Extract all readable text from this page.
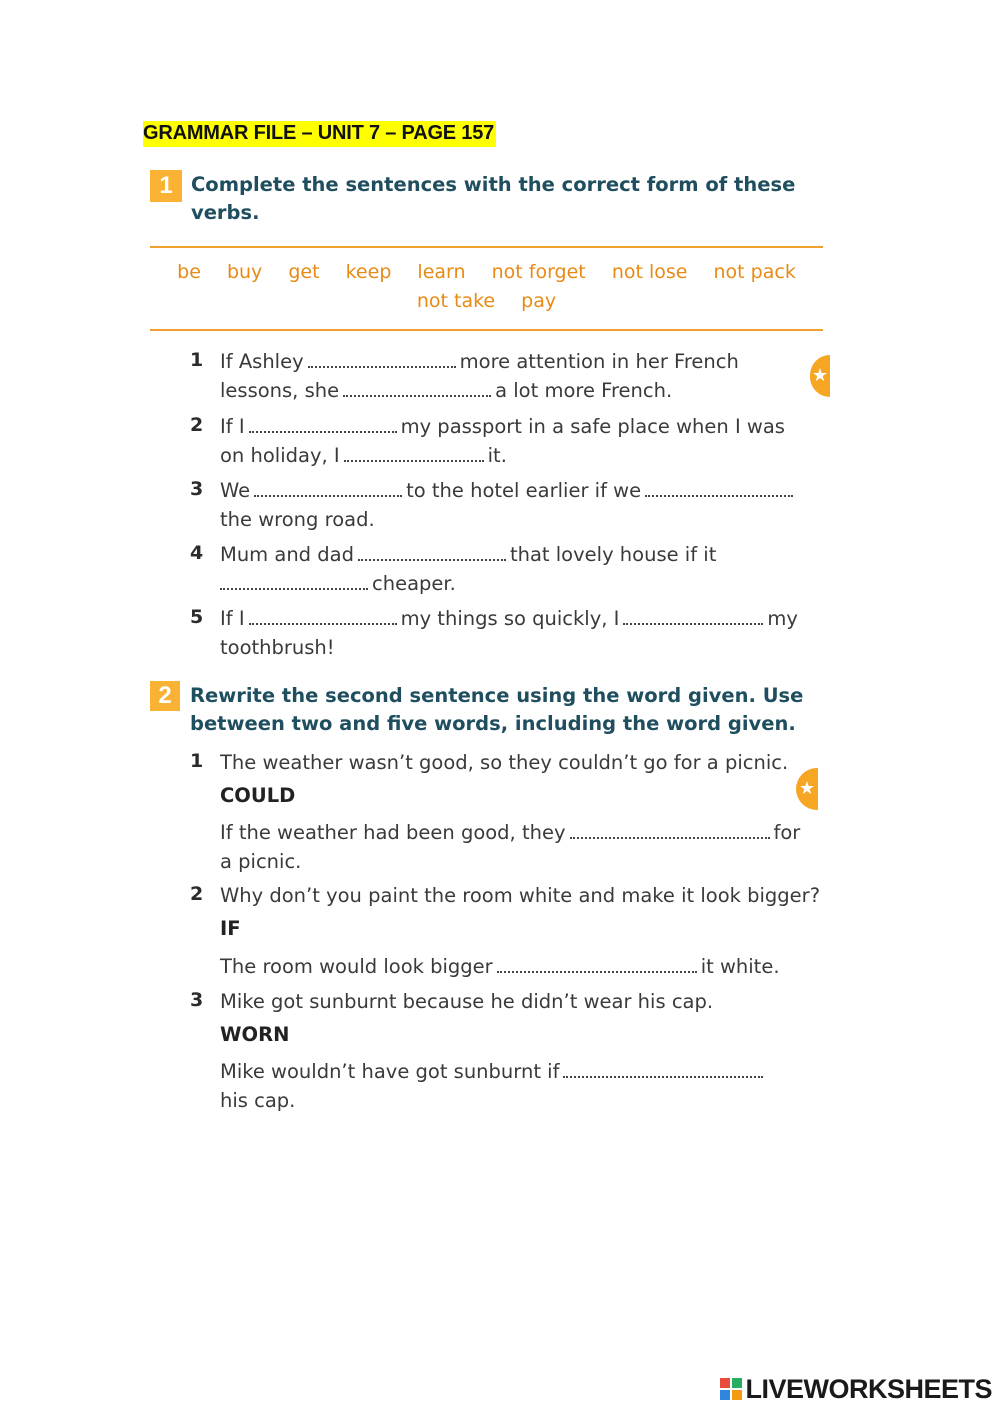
GRAMMAR FILE – UNIT 7 – PAGE 157
1 Complete the sentences with the correct form of these
verbs.
be buy get keep learn not forget not lose not pack
not take pay
1 If Ashley	more attention in her French
lessons, she	a lot more French.
2 If I	my passport in a safe place when I was
on holiday, I	it.
3 We	to the hotel earlier if we
the wrong road.
4 Mum and dad	that lovely house if it
cheaper.
5 If I	my things so quickly, I	my
toothbrush!
★
2 Rewrite the second sentence using the word given. Use
between two and five words, including the word given.
1 The weather wasn’t good, so they couldn’t go for a picnic.
COULD
If the weather had been good, they	for
a picnic.
★
2 Why don’t you paint the room white and make it look bigger?
IF
The room would look bigger	it white.
3 Mike got sunburnt because he didn’t wear his cap.
WORN
Mike wouldn’t have got sunburnt if
his cap.
LIVEWORKSHEETS
